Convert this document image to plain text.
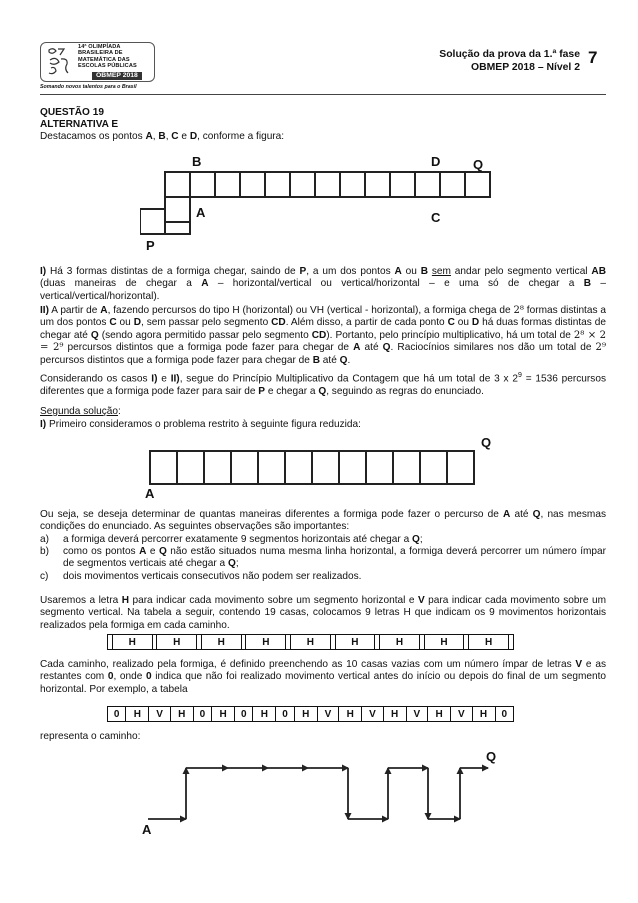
14ª OLIMPÍADA BRASILEIRA DE MATEMÁTICA DAS ESCOLAS PÚBLICAS
OBMEP 2018
Somando novos talentos para o Brasil
Solução da prova da 1.ª fase
OBMEP 2018 – Nível 2
7
QUESTÃO 19
ALTERNATIVA E
Destacamos os pontos A, B, C e D, conforme a figura:
B	D	Q
A	C
P
I) Há 3 formas distintas de a formiga chegar, saindo de P, a um dos pontos A ou B sem andar pelo segmento vertical AB (duas maneiras de chegar a A – horizontal/vertical ou vertical/horizontal – e uma só de chegar a B – vertical/vertical/horizontal).
II) A partir de A, fazendo percursos do tipo H (horizontal) ou VH (vertical - horizontal), a formiga chega de 2⁸ formas distintas a um dos pontos C ou D, sem passar pelo segmento CD. Além disso, a partir de cada ponto C ou D há duas formas distintas de chegar até Q (sendo agora permitido passar pelo segmento CD). Portanto, pelo princípio multiplicativo, há um total de 2⁸ × 2 = 2⁹ percursos distintos que a formiga pode fazer para chegar de A até Q. Raciocínios similares nos dão um total de 2⁹ percursos distintos que a formiga pode fazer para chegar de B até Q.
Considerando os casos I) e II), segue do Princípio Multiplicativo da Contagem que há um total de 3 x $2^9 = 1536$ percursos diferentes que a formiga pode fazer para sair de P e chegar a Q, seguindo as regras do enunciado.
Segunda solução:
I) Primeiro consideramos o problema restrito à seguinte figura reduzida:
Q
A
Ou seja, se deseja determinar de quantas maneiras diferentes a formiga pode fazer o percurso de A até Q, nas mesmas condições do enunciado. As seguintes observações são importantes:
a) a formiga deverá percorrer exatamente 9 segmentos horizontais até chegar a Q;
b) como os pontos A e Q não estão situados numa mesma linha horizontal, a formiga deverá percorrer um número ímpar de segmentos verticais até chegar a Q;
c) dois movimentos verticais consecutivos não podem ser realizados.
Usaremos a letra H para indicar cada movimento sobre um segmento horizontal e V para indicar cada movimento sobre um segmento vertical. Na tabela a seguir, contendo 19 casas, colocamos 9 letras H que indicam os 9 movimentos horizontais realizados pela formiga em cada caminho.
	H		H		H		H		H		H		H		H		H	
Cada caminho, realizado pela formiga, é definido preenchendo as 10 casas vazias com um número ímpar de letras V e as restantes com 0, onde 0 indica que não foi realizado movimento vertical antes do início ou depois do final de um segmento horizontal. Por exemplo, a tabela
0	H	V	H	0	H	0	H	0	H	V	H	V	H	V	H	V	H	0
representa o caminho:
Q
A
